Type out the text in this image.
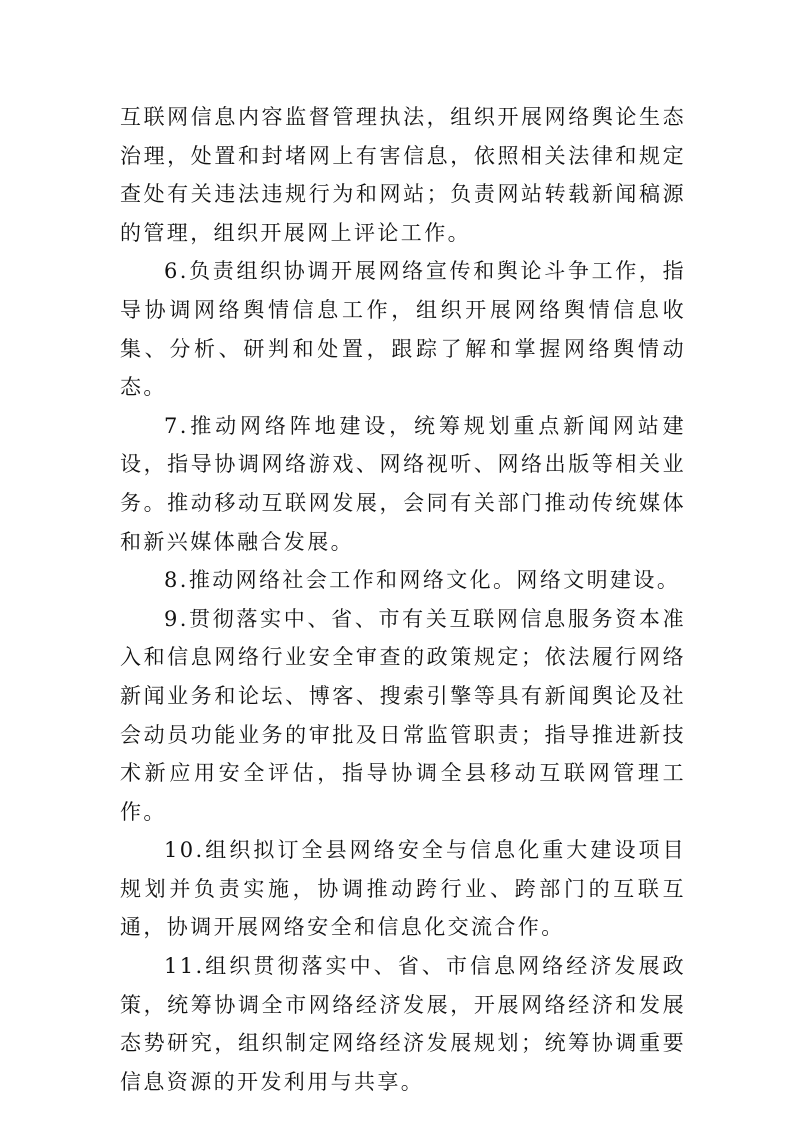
互联网信息内容监督管理执法，组织开展网络舆论生态治理，处置和封堵网上有害信息，依照相关法律和规定查处有关违法违规行为和网站；负责网站转载新闻稿源的管理，组织开展网上评论工作。

6.负责组织协调开展网络宣传和舆论斗争工作，指导协调网络舆情信息工作，组织开展网络舆情信息收集、分析、研判和处置，跟踪了解和掌握网络舆情动态。

7.推动网络阵地建设，统筹规划重点新闻网站建设，指导协调网络游戏、网络视听、网络出版等相关业务。推动移动互联网发展，会同有关部门推动传统媒体和新兴媒体融合发展。

8.推动网络社会工作和网络文化。网络文明建设。

9.贯彻落实中、省、市有关互联网信息服务资本准入和信息网络行业安全审查的政策规定；依法履行网络新闻业务和论坛、博客、搜索引擎等具有新闻舆论及社会动员功能业务的审批及日常监管职责；指导推进新技术新应用安全评估，指导协调全县移动互联网管理工作。

10.组织拟订全县网络安全与信息化重大建设项目规划并负责实施，协调推动跨行业、跨部门的互联互通，协调开展网络安全和信息化交流合作。

11.组织贯彻落实中、省、市信息网络经济发展政策，统筹协调全市网络经济发展，开展网络经济和发展态势研究，组织制定网络经济发展规划；统筹协调重要信息资源的开发利用与共享。
